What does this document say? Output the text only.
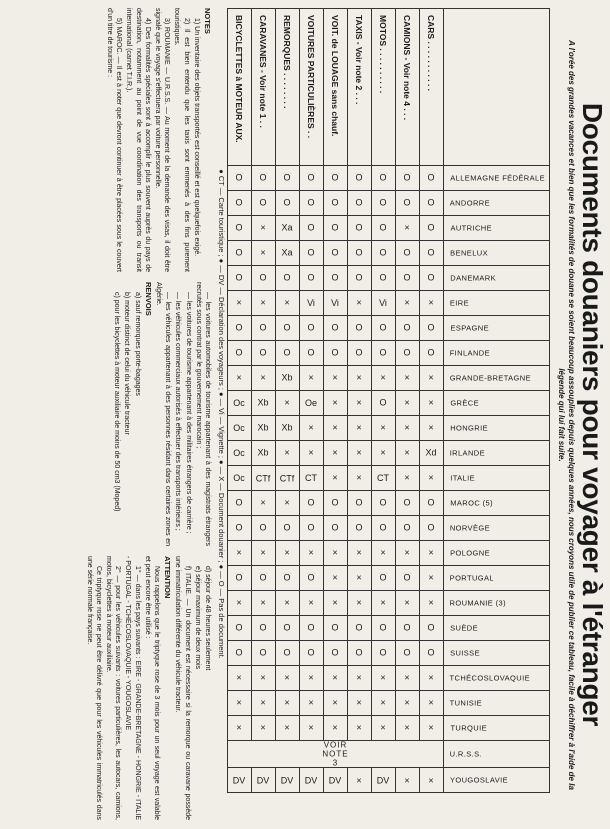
Documents douaniers pour voyager à l'étranger
A l'orée des grandes vacances et bien que les formalités de douane se soient beaucoup assouplies depuis quelques années, nous croyons utile de publier ce tableau, facile à déchiffrer à l'aide de la légende qui lui fait suite.

	ALLEMAGNE FÉDÉRALE	ANDORRE	AUTRICHE	BENELUX	DANEMARK	EIRE	ESPAGNE	FINLANDE	GRANDE-BRETAGNE	GRÈCE	HONGRIE	IRLANDE	ITALIE	MAROC (5)	NORVÈGE	POLOGNE	PORTUGAL	ROUMANIE (3)	SUÈDE	SUISSE	TCHÉCOSLOVAQUIE	TUNISIE	TURQUIE	U.R.S.S.	YOUGOSLAVIE

CARS . . . . . . . . . . .	O	O	O	O	O	×	O	O	×	×	×	Xd	×	O	O	×	×	×	O	O	×	×	×	VOIR NOTE 3	×
CAMIONS - Voir note 4 . . .	O	O	×	O	O	×	O	O	×	×	×	×	×	O	O	×	O	×	O	O	×	×	×		×
MOTOS . . . . . . . . . .	O	O	O	O	O	Vi	O	O	×	O	×	×	CT	O	O	×	O	×	O	O	×	×	×		DV
TAXIS - Voir note 2 . . .	O	O	O	O	O	×	O	O	×	×	×	×	×	O	O	×	×	×	O	O	×	×	×		×
VOIT. de LOUAGE sans chauf.	O	O	O	O	O	Vi	O	O	×	×	×	×	×	O	O	×	×	×	O	O	×	×	×		DV
VOITURES PARTICULIÈRES . .	O	O	O	O	O	Vi	O	O	×	Oe	×	×	CT	O	O	×	O	×	O	O	×	×	×		DV
REMORQUES . . . . . . . .	O	O	Xa	Xa	O	×	O	O	Xb	×	Xb	×	CTf	×	O	×	O	×	O	O	×	×	×		DV
CARAVANES - Voir note 1 . .	O	O	×	×	O	×	O	O	×	Xb	Xb	Xb	CTf	×	O	×	O	×	O	O	×	×	×		DV
BICYCLETTES à MOTEUR AUX.	O	O	O	O	O	×	O	O	×	Oc	Oc	Oc	Oc	O	O	×	O	×	O	O	×	×	×		DV
● CT — Carte touristique ; ● — DV — Déclaration des voyageurs ; ● — Vi — Vignette ; ● — X — Document douanier ; ● — O — Pas de document.
NOTES

1) Un inventaire des objets transportés est conseillé et est quelquefois exigé.

2) Il est bien entendu que les taxis sont emmenés à des fins purement touristiques.

3) ROUMANIE — U.R.S.S. — Au moment de la demande des visas, il doit être signalé que le voyage s'effectuera par voiture personnelle.

4) Des formalités spéciales sont à accomplir le plus souvent auprès du pays de destination, notamment au point de vue coordination des transports ou transit international (carnet T.I.R.).

5) MAROC. — Il est à noter que devront continuer à être placées sous le couvert d'un titre de tourisme :

— les voitures automobiles de tourisme appartenant à des magistrats étrangers recrutés sous contrat par le gouvernement marocain ;

— les voitures de tourisme appartenant à des militaires étrangers de carrière ;

— les véhicules commerciaux autorisés à effectuer des transports intérieurs ;

— les véhicules appartenant à des personnes résidant dans certaines zones en Algérie.

RENVOIS

a) sauf remorques porte-bagages

b) moteur distinct de celui du véhicule tracteur

c) pour les bicyclettes à moteur auxiliaire de moins de 50 cm3 (Moped)

d) séjour de 48 heures seulement

e) séjour maximum de deux mois

f) ITALIE. — Un document est nécessaire si la remorque ou caravane possède une immatriculation différente du véhicule tracteur.

ATTENTION

Nous rappelons que le triptyque rose de 3 mois pour un seul voyage est valable et peut encore être utilisé :

1° — dans les pays suivants : EIRE - GRANDE-BRETAGNE - HONGRIE - ITALIE - PORTUGAL - TCHÉCOSLOVAQUIE - YOUGOSLAVIE

2° — pour les véhicules suivants : voitures particulières, les autocars, camions, motos, bicyclettes à moteur auxiliaire.

Ce triptyque rose ne peut être délivré que pour les véhicules immatriculés dans une série normale française.
